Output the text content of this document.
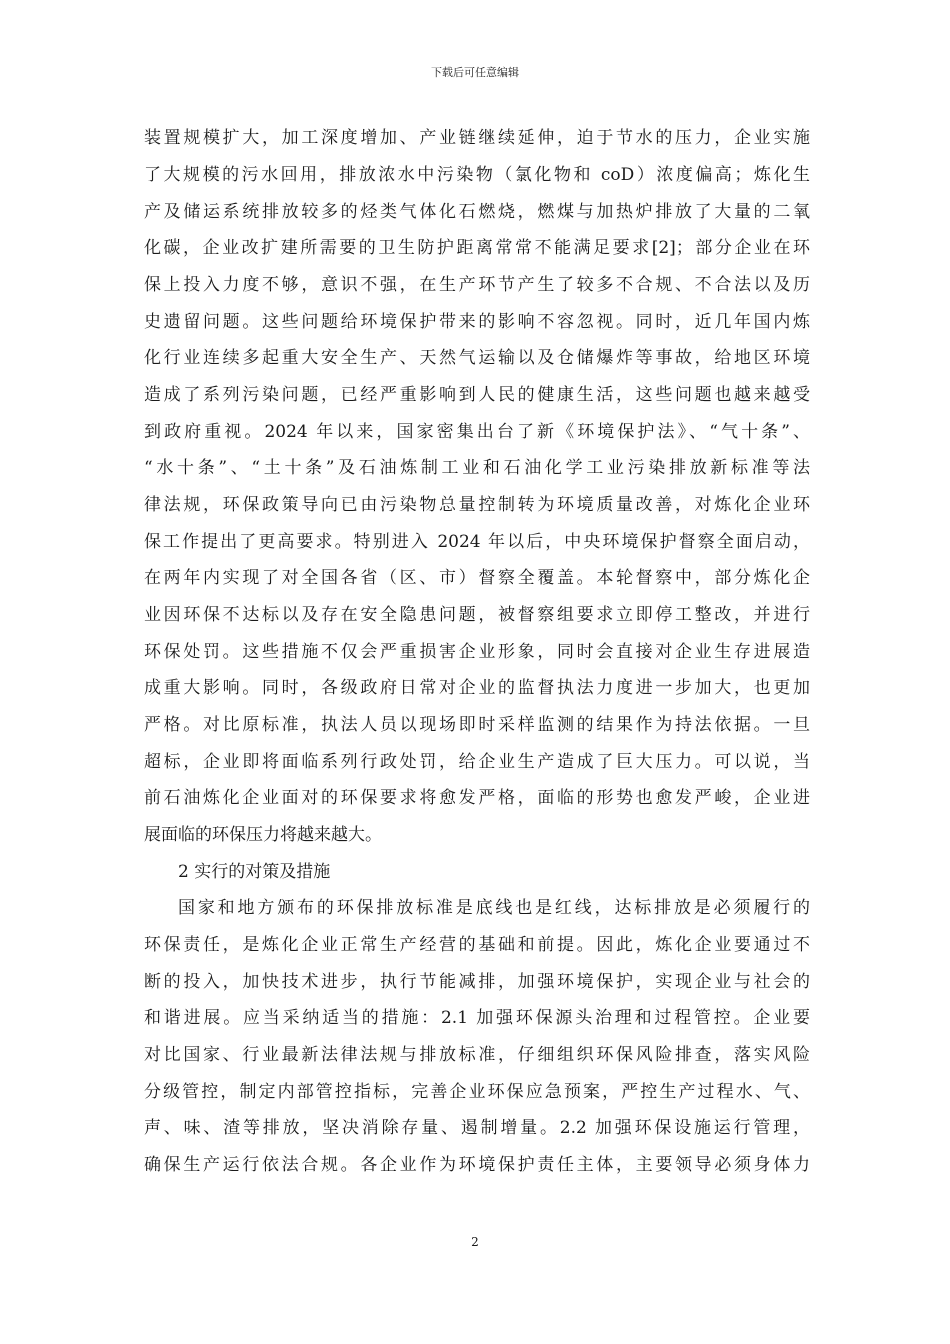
下载后可任意编辑
装置规模扩大，加工深度增加、产业链继续延伸，迫于节水的压力，企业实施
了大规模的污水回用，排放浓水中污染物（氯化物和 coD）浓度偏高；炼化生
产及储运系统排放较多的烃类气体化石燃烧，燃煤与加热炉排放了大量的二氧
化碳，企业改扩建所需要的卫生防护距离常常不能满足要求[2]；部分企业在环
保上投入力度不够，意识不强，在生产环节产生了较多不合规、不合法以及历
史遗留问题。这些问题给环境保护带来的影响不容忽视。同时，近几年国内炼
化行业连续多起重大安全生产、天然气运输以及仓储爆炸等事故，给地区环境
造成了系列污染问题，已经严重影响到人民的健康生活，这些问题也越来越受
到政府重视。2024 年以来，国家密集出台了新《环境保护法》、“气十条”、
“水十条”、“土十条”及石油炼制工业和石油化学工业污染排放新标准等法
律法规，环保政策导向已由污染物总量控制转为环境质量改善，对炼化企业环
保工作提出了更高要求。特别进入 2024 年以后，中央环境保护督察全面启动，
在两年内实现了对全国各省（区、市）督察全覆盖。本轮督察中，部分炼化企
业因环保不达标以及存在安全隐患问题，被督察组要求立即停工整改，并进行
环保处罚。这些措施不仅会严重损害企业形象，同时会直接对企业生存进展造
成重大影响。同时，各级政府日常对企业的监督执法力度进一步加大，也更加
严格。对比原标准，执法人员以现场即时采样监测的结果作为持法依据。一旦
超标，企业即将面临系列行政处罚，给企业生产造成了巨大压力。可以说，当
前石油炼化企业面对的环保要求将愈发严格，面临的形势也愈发严峻，企业进
展面临的环保压力将越来越大。
2 实行的对策及措施
国家和地方颁布的环保排放标准是底线也是红线，达标排放是必须履行的
环保责任，是炼化企业正常生产经营的基础和前提。因此，炼化企业要通过不
断的投入，加快技术进步，执行节能减排，加强环境保护，实现企业与社会的
和谐进展。应当采纳适当的措施：2.1 加强环保源头治理和过程管控。企业要
对比国家、行业最新法律法规与排放标准，仔细组织环保风险排查，落实风险
分级管控，制定内部管控指标，完善企业环保应急预案，严控生产过程水、气、
声、味、渣等排放，坚决消除存量、遏制增量。2.2 加强环保设施运行管理，
确保生产运行依法合规。各企业作为环境保护责任主体，主要领导必须身体力
2
